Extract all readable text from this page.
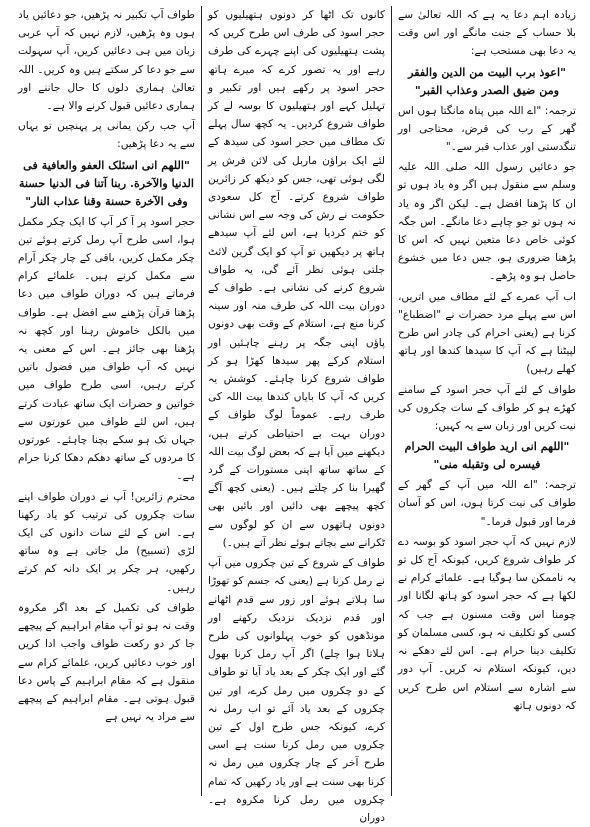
زیادہ اہم دعا یہ ہے کہ اللہ تعالیٰ سے بلا حساب کے جنت مانگے اور اس وقت یہ دعا بھی مستحب ہے:

"اعوذ برب البیت من الدین والفقر ومن ضیق الصدر وعذاب القبر"

ترجمہ: "اے اللہ میں پناہ مانگتا ہوں اس گھر کے رب کی قرض، محتاجی اور تنگدستی اور عذاب قبر سے۔"

جو دعائیں رسول اللہ صلی اللہ علیہ وسلم سے منقول ہیں اگر وہ یاد ہوں تو ان کا پڑھنا افضل ہے۔ لیکن اگر وہ یاد نہ ہوں تو جو چاہے دعا مانگے۔ اس جگہ کوئی خاص دعا متعین نہیں کہ اس کا پڑھنا ضروری ہو، جس دعا میں خشوع حاصل ہو وہ پڑھے۔

اب آپ عمرے کے لئے مطاف میں اتریں، اس سے پہلے مرد حضرات نے "اضطباع" کرنا ہے (یعنی احرام کی چادر اس طرح لپیٹنا ہے کہ آپ کا سیدھا کندھا اور ہاتھ کھلے رہیں)

طواف کے لئے آپ حجر اسود کے سامنے کھڑے ہو کر طواف کے سات چکروں کی نیت کریں اور زبان سے یہ کہیں:

"اللهم انی ارید طواف البیت الحرام فیسره لی وتقبله منی"

ترجمہ: "اے اللہ میں آپ کے گھر کے طواف کی نیت کرتا ہوں، اس کو آسان فرما اور قبول فرما۔"

لازم نہیں کہ آپ حجر اسود کو بوسہ دے کر طواف شروع کریں، کیونکہ آج کل تو یہ ناممکن سا ہوگیا ہے۔ علمائے کرام نے لکھا ہے کہ حجر اسود کو ہاتھ لگانا اور چومنا اس وقت مسنون ہے جب کہ کسی کو تکلیف نہ ہو، کسی مسلمان کو تکلیف دینا حرام ہے۔ اس لئے دھکے نہ دیں، کیونکہ استلام نہ کریں۔ آپ دور سے اشارہ سے استلام اس طرح کریں کہ دونوں ہاتھ

کانوں تک اٹھا کر دونوں ہتھیلیوں کو حجر اسود کی طرف اس طرح کریں کہ پشت ہتھیلیوں کی اپنے چہرے کی طرف رہے اور یہ تصور کرے کہ میرے ہاتھ حجر اسود پر رکھے ہیں اور تکبیر و تہلیل کہے اور ہتھیلیوں کا بوسہ لے کر طواف شروع کردیں۔ یہ کچھ سال پہلے تک مطاف میں حجر اسود کی سیدھ کے لئے ایک براؤن ماربل کی لائن فرش پر لگی ہوئی تھی، جس کو دیکھ کر زائرین طواف شروع کرتے۔ آج کل سعودی حکومت نے رش کی وجہ سے اس نشانی کو ختم کردیا ہے، اس لئے آپ سیدھے ہاتھ پر دیکھیں تو آپ کو ایک گرین لائٹ جلتی ہوئی نظر آئے گی، یہ طواف شروع کرنے کی نشانی ہے۔ طواف کے دوران بیت اللہ کی طرف منہ اور سینہ کرنا منع ہے، استلام کے وقت بھی دونوں پاؤں اپنی جگہ پر رہنے چاہئیں اور استلام کرکے پھر سیدھا کھڑا ہو کر طواف شروع کرنا چاہئے۔ کوشش یہ کریں کہ آپ کا بایاں کندھا بیت اللہ کی طرف رہے۔ عموماً لوگ طواف کے دوران بہت بے احتیاطی کرتے ہیں، دیکھنے میں آیا ہے کہ بعض لوگ بیت اللہ کے ساتھ ساتھ اپنی مستورات کے گرد گھیرا بنا کر چلتے ہیں۔ (یعنی کچھ آگے کچھ پیچھے بھی دائیں اور بائیں بھی دونوں ہاتھوں سے ان کو لوگوں سے ٹکرانے سے بچاتے ہوئے نظر آتے ہیں۔)

طواف کے شروع کے تین چکروں میں آپ نے رمل کرنا ہے (یعنی کہ جسم کو تھوڑا سا ہلاتے ہوئے اور زور سے قدم اٹھانے اور قدم نزدیک نزدیک رکھنے اور مونڈھوں کو خوب پہلوانوں کی طرح ہلاتا ہوا چلے) اگر آپ رمل کرنا بھول گئے اور ایک چکر کے بعد یاد آیا تو طواف کے دو چکروں میں رمل کرے، اور تین چکروں کے بعد یاد آئے تو اب رمل نہ کرے، کیونکہ جس طرح اول کے تین چکروں میں رمل کرنا سنت ہے اسی طرح آخر کے چار چکروں میں رمل نہ کرنا بھی سنت ہے اور یاد رکھیں کہ تمام چکروں میں رمل کرنا مکروہ ہے۔ دوران

طواف آپ تکبیر نہ پڑھیں، جو دعائیں یاد ہوں وہ پڑھیں، لازم نہیں کہ آپ عربی زبان میں ہی دعائیں کریں، آپ سہولت سے جو دعا کر سکتے ہیں وہ کریں۔ اللہ تعالیٰ ہماری دلوں کا حال جاننے اور ہماری دعائیں قبول کرنے والا ہے۔

آپ جب رکن یمانی پر پہنچیں تو یہاں سے یہ دعا پڑھیں:

"اللهم انی اسئلک العفو والعافیة فی الدنیا والآخرة. ربنا آتنا فی الدنیا حسنة وفی الآخرة حسنة وقنا عذاب النار"

حجر اسود پر آ کر آپ کا ایک چکر مکمل ہوا، اسی طرح آپ رمل کرتے ہوئے تین چکر مکمل کریں، باقی کے چار چکر آرام سے مکمل کرنے ہیں۔ علمائے کرام فرماتے ہیں کہ دوران طواف میں دعا پڑھنا قرآن پڑھنے سے افضل ہے۔ طواف میں بالکل خاموش رہنا اور کچھ نہ پڑھنا بھی جائز ہے۔ اس کے معنی یہ نہیں کہ آپ طواف میں فضول باتیں کرتے رہیں، اسی طرح طواف میں خواتین و حضرات ایک ساتھ عبادت کرتے ہیں، اس لئے طواف میں عورتوں سے جہاں تک ہو سکے بچنا چاہئے۔ عورتوں کا مردوں کے ساتھ دھکم دھکا کرنا حرام ہے۔

محترم زائرین! آپ نے دوران طواف اپنے سات چکروں کی ترتیب کو یاد رکھنا ہے۔ اس کے لئے سات دانوں کی ایک لڑی (تسبیح) مل جاتی ہے وہ ساتھ رکھیں، ہر چکر پر ایک دانہ کم کرتے رہیں۔

طواف کی تکمیل کے بعد اگر مکروہ وقت نہ ہو تو آپ مقام ابراہیم کے پیچھے جا کر دو رکعت طواف واجب ادا کریں اور خوب دعائیں کریں، علمائے کرام سے منقول ہے کہ مقام ابراہیم کے پاس دعا قبول ہوتی ہے۔ مقام ابراہیم کے پیچھے سے مراد یہ نہیں ہے
